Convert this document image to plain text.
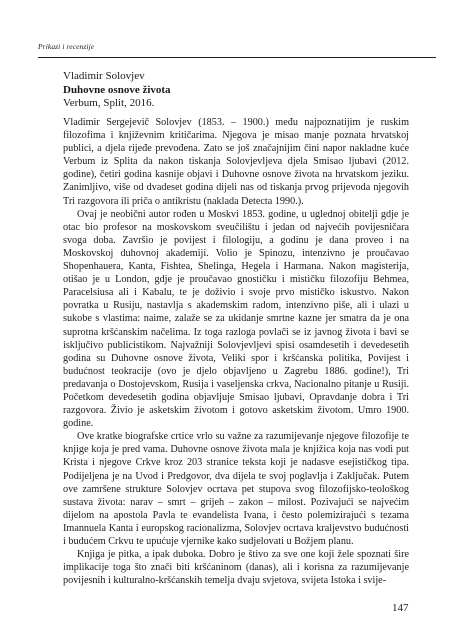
Prikazi i recenzije
Vladimir Solovjev
Duhovne osnove života
Verbum, Split, 2016.

Vladimir Sergejevič Solovjev (1853. – 1900.) među najpoznatijim je ruskim filozofima i književnim kritičarima. Njegova je misao manje poznata hrvatskoj publici, a djela rijeđe prevođena. Zato se još značajnijim čini napor nakladne kuće Verbum iz Splita da nakon tiskanja Solovjevljeva djela Smisao ljubavi (2012. godine), četiri godina kasnije objavi i Duhovne osnove života na hrvatskom jeziku. Zanimljivo, više od dvadeset godina dijeli nas od tiskanja prvog prijevoda njegovih Tri razgovora ili priča o antikristu (naklada Detecta 1990.).

Ovaj je neobični autor rođen u Moskvi 1853. godine, u uglednoj obitelji gdje je otac bio profesor na moskovskom sveučilištu i jedan od najvećih povijesničara svoga doba. Završio je povijest i filologiju, a godinu je dana proveo i na Moskovskoj duhovnoj akademiji. Volio je Spinozu, intenzivno je proučavao Shopenhauera, Kanta, Fishtea, Shelinga, Hegela i Harmana. Nakon magisterija, otišao je u London, gdje je proučavao gnostičku i mističku filozofiju Behmea, Paracelsiusa ali i Kabalu, te je doživio i svoje prvo mističko iskustvo. Nakon povratka u Rusiju, nastavlja s akademskim radom, intenzivno piše, ali i ulazi u sukobe s vlastima: naime, zalaže se za ukidanje smrtne kazne jer smatra da je ona suprotna kršćanskim načelima. Iz toga razloga povlači se iz javnog života i bavi se isključivo publicistikom. Najvažniji Solovjevljevi spisi osamdesetih i devedesetih godina su Duhovne osnove života, Veliki spor i kršćanska politika, Povijest i budućnost teokracije (ovo je djelo objavljeno u Zagrebu 1886. godine!), Tri predavanja o Dostojevskom, Rusija i vaseljenska crkva, Nacionalno pitanje u Rusiji. Početkom devedesetih godina objavljuje Smisao ljubavi, Opravdanje dobra i Tri razgovora. Živio je asketskim životom i gotovo asketskim životom. Umro 1900. godine.

Ove kratke biografske crtice vrlo su važne za razumijevanje njegove filozofije te knjige koja je pred vama. Duhovne osnove života mala je knjižica koja nas vodi put Krista i njegove Crkve kroz 203 stranice teksta koji je nadasve esejističkog tipa. Podijeljena je na Uvod i Predgovor, dva dijela te svoj poglavlja i Zaključak. Putem ove zamršene strukture Solovjev ocrtava pet stupova svog filozofijsko-teološkog sustava života: narav – smrt – grijeh – zakon – milost. Pozivajući se najvećim dijelom na apostola Pavla te evandelista Ivana, i često polemizirajući s tezama Imannuela Kanta i europskog racionalizma, Solovjev ocrtava kraljevstvo budućnosti i budućem Crkvu te upućuje vjernike kako sudjelovati u Božjem planu.

Knjiga je pitka, a ipak duboka. Dobro je štivo za sve one koji žele spoznati šire implikacije toga što znači biti kršćaninom (danas), ali i korisna za razumijevanje povijesnih i kulturalno-kršćanskih temelja dvaju svjetova, svijeta Istoka i svije-

147
